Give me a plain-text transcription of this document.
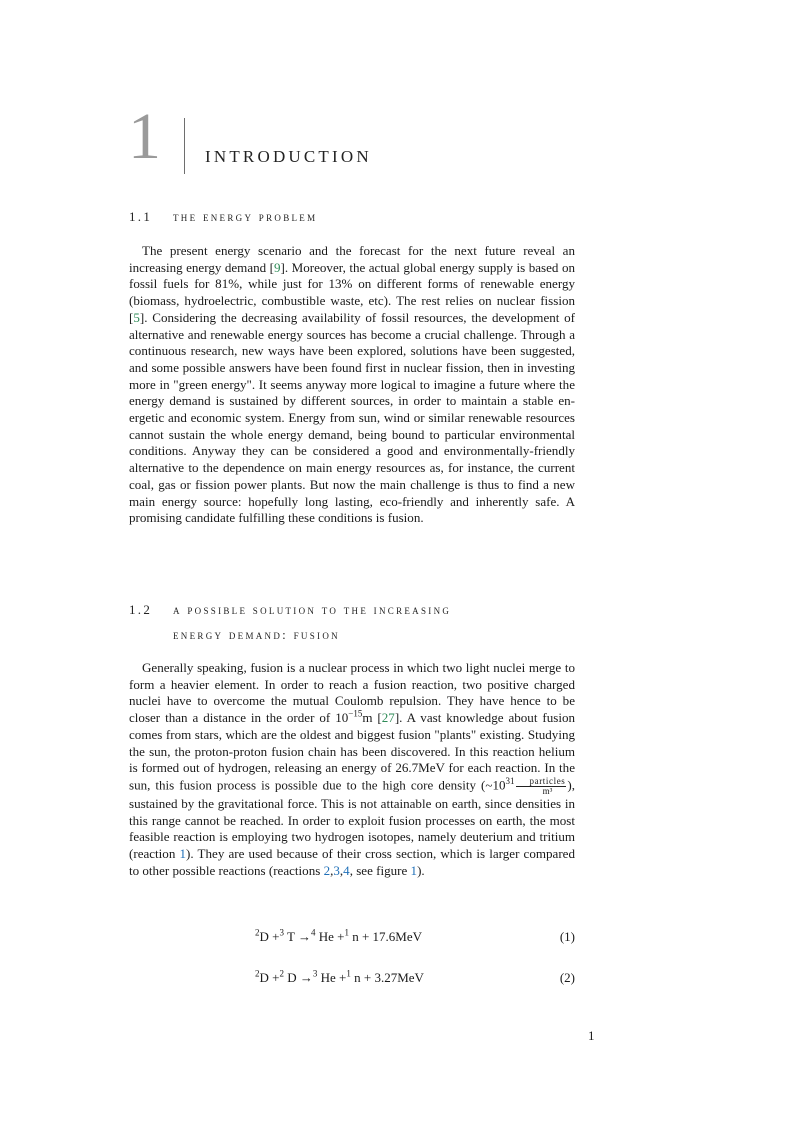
1	INTRODUCTION
1.1 the energy problem

The present energy scenario and the forecast for the next future reveal an increasing energy demand [9]. Moreover, the actual global energy supply is based on fossil fuels for 81%, while just for 13% on different forms of renewable energy (biomass, hydroelectric, combustible waste, etc). The rest relies on nuclear fission [5]. Considering the decreasing availability of fossil resources, the development of alternative and renewable energy sources has become a crucial challenge. Through a continuous research, new ways have been explored, solutions have been suggested, and some possible answers have been found first in nuclear fission, then in investing more in "green energy". It seems anyway more logical to imagine a future where the energy demand is sustained by different sources, in order to maintain a stable energetic and economic system. Energy from sun, wind or similar renewable resources cannot sustain the whole energy demand, being bound to particular environmental conditions. Anyway they can be considered a good and environmentally-friendly alternative to the dependence on main energy resources as, for instance, the current coal, gas or fission power plants. But now the main challenge is thus to find a new main energy source: hopefully long lasting, eco-friendly and inherently safe. A promising candidate fulfilling these conditions is fusion.

1.2 a possible solution to the increasing
energy demand: fusion

Generally speaking, fusion is a nuclear process in which two light nuclei merge to form a heavier element. In order to reach a fusion reaction, two positive charged nuclei have to overcome the mutual Coulomb repulsion. They have hence to be closer than a distance in the order of $10^{-15}m$ [27]. A vast knowledge about fusion comes from stars, which are the oldest and biggest fusion "plants" existing. Studying the sun, the proton-proton fusion chain has been discovered. In this reaction helium is formed out of hydrogen, releasing an energy of 26.7MeV for each reaction. In the sun, this fusion process is possible due to the high core density ($\sim 10^{31} \frac{\text{particles}}{\text{m³}}$ ), sustained by the gravitational force. This is not attainable on earth, since densities in this range cannot be reached. In order to exploit fusion processes on earth, the most feasible reaction is employing two hydrogen isotopes, namely deuterium and tritium (reaction 1). They are used because of their cross section, which is larger compared to other possible reactions (reactions 2,3,4, see figure 1).

$^2$D +$^3$ T →$^4$ He +$^1$ n + 17.6MeV	(1)
$^2$D +$^2$ D →$^3$ He +$^1$ n + 3.27MeV	(2)
1
